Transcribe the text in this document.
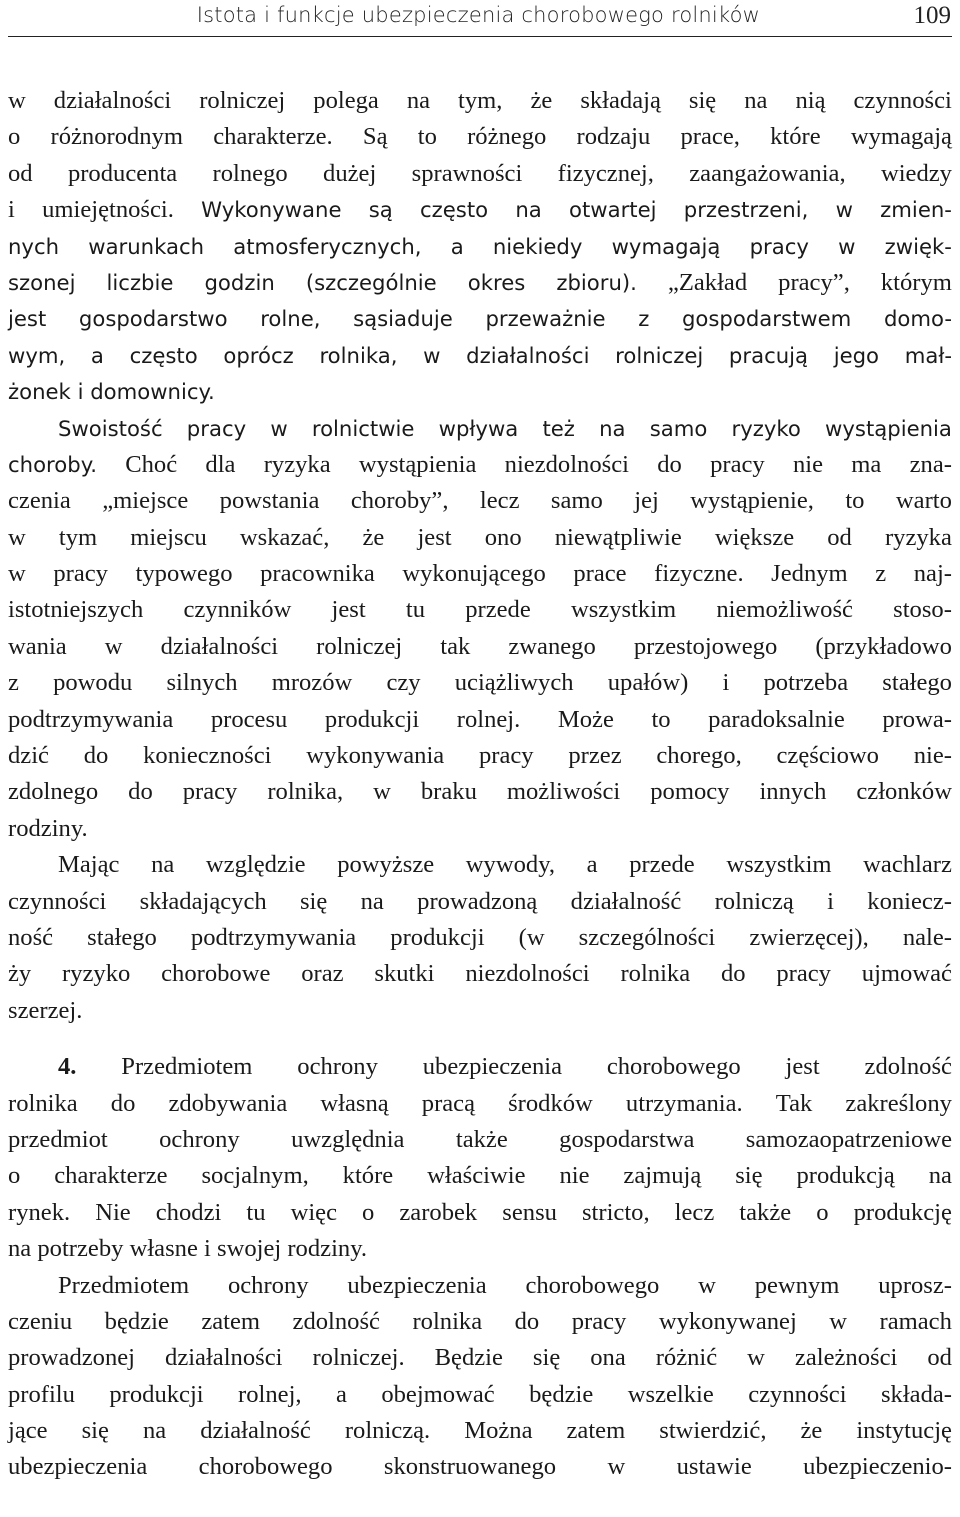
Istota i funkcje ubezpieczenia chorobowego rolników	109
w działalności rolniczej polega na tym, że składają się na nią czynności
o różnorodnym charakterze. Są to różnego rodzaju prace, które wymagają
od producenta rolnego dużej sprawności fizycznej, zaangażowania, wiedzy
i umiejętności. Wykonywane są często na otwartej przestrzeni, w zmien-
nych warunkach atmosferycznych, a niekiedy wymagają pracy w zwięk-
szonej liczbie godzin (szczególnie okres zbioru). „Zakład pracy”, którym
jest gospodarstwo rolne, sąsiaduje przeważnie z gospodarstwem domo-
wym, a często oprócz rolnika, w działalności rolniczej pracują jego mał-
żonek i domownicy.
Swoistość pracy w rolnictwie wpływa też na samo ryzyko wystąpienia
choroby. Choć dla ryzyka wystąpienia niezdolności do pracy nie ma zna-
czenia „miejsce powstania choroby”, lecz samo jej wystąpienie, to warto
w tym miejscu wskazać, że jest ono niewątpliwie większe od ryzyka
w pracy typowego pracownika wykonującego prace fizyczne. Jednym z naj-
istotniejszych czynników jest tu przede wszystkim niemożliwość stoso-
wania w działalności rolniczej tak zwanego przestojowego (przykładowo
z powodu silnych mrozów czy uciążliwych upałów) i potrzeba stałego
podtrzymywania procesu produkcji rolnej. Może to paradoksalnie prowa-
dzić do konieczności wykonywania pracy przez chorego, częściowo nie-
zdolnego do pracy rolnika, w braku możliwości pomocy innych członków
rodziny.
Mając na względzie powyższe wywody, a przede wszystkim wachlarz
czynności składających się na prowadzoną działalność rolniczą i koniecz-
ność stałego podtrzymywania produkcji (w szczególności zwierzęcej), nale-
ży ryzyko chorobowe oraz skutki niezdolności rolnika do pracy ujmować
szerzej.
4. Przedmiotem ochrony ubezpieczenia chorobowego jest zdolność
rolnika do zdobywania własną pracą środków utrzymania. Tak zakreślony
przedmiot ochrony uwzględnia także gospodarstwa samozaopatrzeniowe
o charakterze socjalnym, które właściwie nie zajmują się produkcją na
rynek. Nie chodzi tu więc o zarobek sensu stricto, lecz także o produkcję
na potrzeby własne i swojej rodziny.
Przedmiotem ochrony ubezpieczenia chorobowego w pewnym uprosz-
czeniu będzie zatem zdolność rolnika do pracy wykonywanej w ramach
prowadzonej działalności rolniczej. Będzie się ona różnić w zależności od
profilu produkcji rolnej, a obejmować będzie wszelkie czynności składa-
jące się na działalność rolniczą. Można zatem stwierdzić, że instytucję
ubezpieczenia chorobowego skonstruowanego w ustawie ubezpieczenio-
